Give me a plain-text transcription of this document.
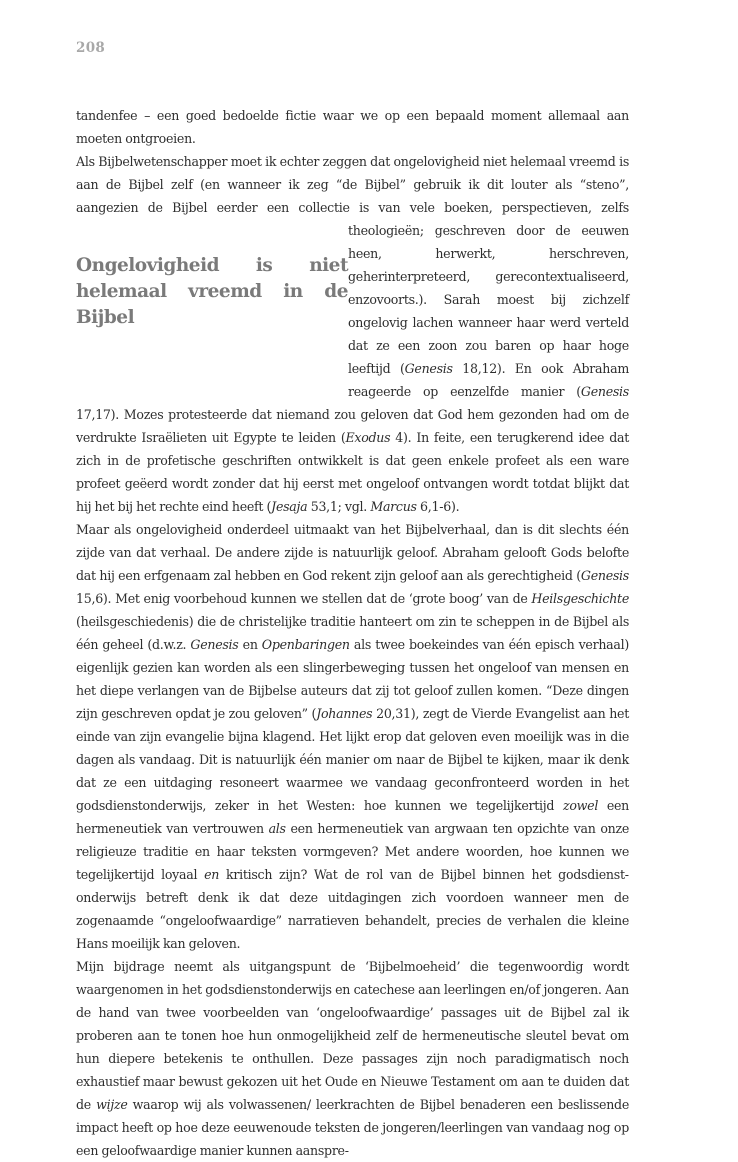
208

tandenfee – een goed bedoelde fictie waar we op een bepaald moment allemaal aan moeten ontgroeien.

Als Bijbelwetenschapper moet ik echter zeggen dat ongelovigheid niet helemaal vreemd is aan de Bijbel zelf (en wanneer ik zeg “de Bijbel” gebruik ik dit louter als “steno”, aangezien de Bijbel eerder een collectie is van vele boeken, perspectieven, zelfs theologieën; geschreven
Ongelovigheid is niet helemaal vreemd in de Bijbel
door de eeuwen heen, herwerkt, herschreven, geherinterpreteerd, gerecontextualiseerd, enzovoorts.). Sarah moest bij zichzelf ongelovig lachen wanneer haar werd verteld dat ze een zoon zou baren op haar hoge leeftijd (Genesis 18,12). En ook Abraham reageerde op eenzelfde manier (Genesis 17,17). Mozes protesteerde dat niemand zou geloven dat God hem gezonden had om de verdrukte Israëlieten uit Egypte te leiden (Exodus 4). In feite, een terugkerend idee dat zich in de profetische geschriften ontwikkelt is dat geen enkele profeet als een ware profeet geëerd wordt zonder dat hij eerst met ongeloof ontvangen wordt totdat blijkt dat hij het bij het rechte eind heeft (Jesaja 53,1; vgl. Marcus 6,1-6).

Maar als ongelovigheid onderdeel uitmaakt van het Bijbelverhaal, dan is dit slechts één zijde van dat verhaal. De andere zijde is natuurlijk geloof. Abraham gelooft Gods belofte dat hij een erfgenaam zal hebben en God rekent zijn geloof aan als gerechtigheid (Genesis 15,6). Met enig voorbehoud kunnen we stellen dat de ‘grote boog’ van de Heilsgeschichte (heilsgeschiedenis) die de christelijke traditie hanteert om zin te scheppen in de Bijbel als één geheel (d.w.z. Genesis en Openbaringen als twee boekeindes van één episch verhaal) eigenlijk gezien kan worden als een slingerbeweging tussen het ongeloof van mensen en het diepe verlangen van de Bijbelse auteurs dat zij tot geloof zullen komen. “Deze dingen zijn geschreven opdat je zou geloven” (Johannes 20,31), zegt de Vierde Evangelist aan het einde van zijn evangelie bijna klagend. Het lijkt erop dat geloven even moeilijk was in die dagen als vandaag. Dit is natuurlijk één manier om naar de Bijbel te kijken, maar ik denk dat ze een uitdaging resoneert waarmee we vandaag geconfronteerd worden in het godsdienstonderwijs, zeker in het Westen: hoe kunnen we tegelijkertijd zowel een hermeneutiek van vertrouwen als een hermeneutiek van argwaan ten opzichte van onze religieuze traditie en haar teksten vormgeven? Met andere woorden, hoe kunnen we tegelijkertijd loyaal en kritisch zijn? Wat de rol van de Bijbel binnen het godsdienstonderwijs betreft denk ik dat deze uitdagingen zich voordoen wanneer men de zogenaamde “ongeloofwaardige” narratieven behandelt, precies de verhalen die kleine Hans moeilijk kan geloven.

Mijn bijdrage neemt als uitgangspunt de ‘Bijbelmoeheid’ die tegenwoordig wordt waargenomen in het godsdienstonderwijs en catechese aan leerlingen en/of jongeren. Aan de hand van twee voorbeelden van ‘ongeloofwaardige’ passages uit de Bijbel zal ik proberen aan te tonen hoe hun onmogelijkheid zelf de hermeneutische sleutel bevat om hun diepere betekenis te onthullen. Deze passages zijn noch paradigmatisch noch exhaustief maar bewust gekozen uit het Oude en Nieuwe Testament om aan te duiden dat de wijze waarop wij als volwassenen/ leerkrachten de Bijbel benaderen een beslissende impact heeft op hoe deze eeuwenoude teksten de jongeren/leerlingen van vandaag nog op een geloofwaardige manier kunnen aanspre-
